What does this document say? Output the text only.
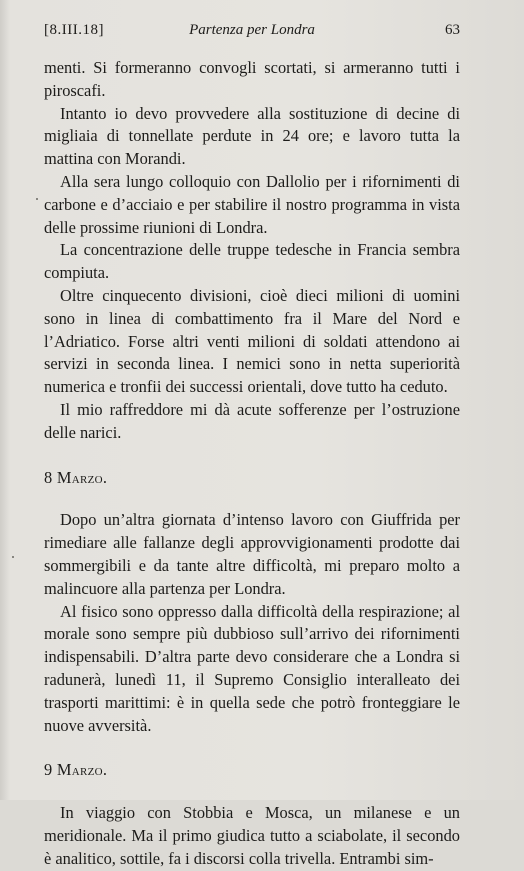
[8.III.18]	Partenza per Londra	63

menti. Si formeranno convogli scortati, si armeranno tutti i piroscafi.

Intanto io devo provvedere alla sostituzione di decine di migliaia di tonnellate perdute in 24 ore; e lavoro tutta la mattina con Morandi.

Alla sera lungo colloquio con Dallolio per i rifornimenti di carbone e d’acciaio e per stabilire il nostro programma in vista delle prossime riunioni di Londra.

La concentrazione delle truppe tedesche in Francia sembra compiuta.

Oltre cinquecento divisioni, cioè dieci milioni di uomini sono in linea di combattimento fra il Mare del Nord e l’Adriatico. Forse altri venti milioni di soldati attendono ai servizi in seconda linea. I nemici sono in netta superiorità numerica e tronfii dei successi orientali, dove tutto ha ceduto.

Il mio raffreddore mi dà acute sofferenze per l’ostruzione delle narici.

8 Marzo.

Dopo un’altra giornata d’intenso lavoro con Giuffrida per rimediare alle fallanze degli approvvigionamenti prodotte dai sommergibili e da tante altre difficoltà, mi preparo molto a malincuore alla partenza per Londra.

Al fisico sono oppresso dalla difficoltà della respirazione; al morale sono sempre più dubbioso sull’arrivo dei rifornimenti indispensabili. D’altra parte devo considerare che a Londra si radunerà, lunedì 11, il Supremo Consiglio interalleato dei trasporti marittimi: è in quella sede che potrò fronteggiare le nuove avversità.

9 Marzo.

In viaggio con Stobbia e Mosca, un milanese e un meridionale. Ma il primo giudica tutto a sciabolate, il secondo è analitico, sottile, fa i discorsi colla trivella. Entrambi sim-
